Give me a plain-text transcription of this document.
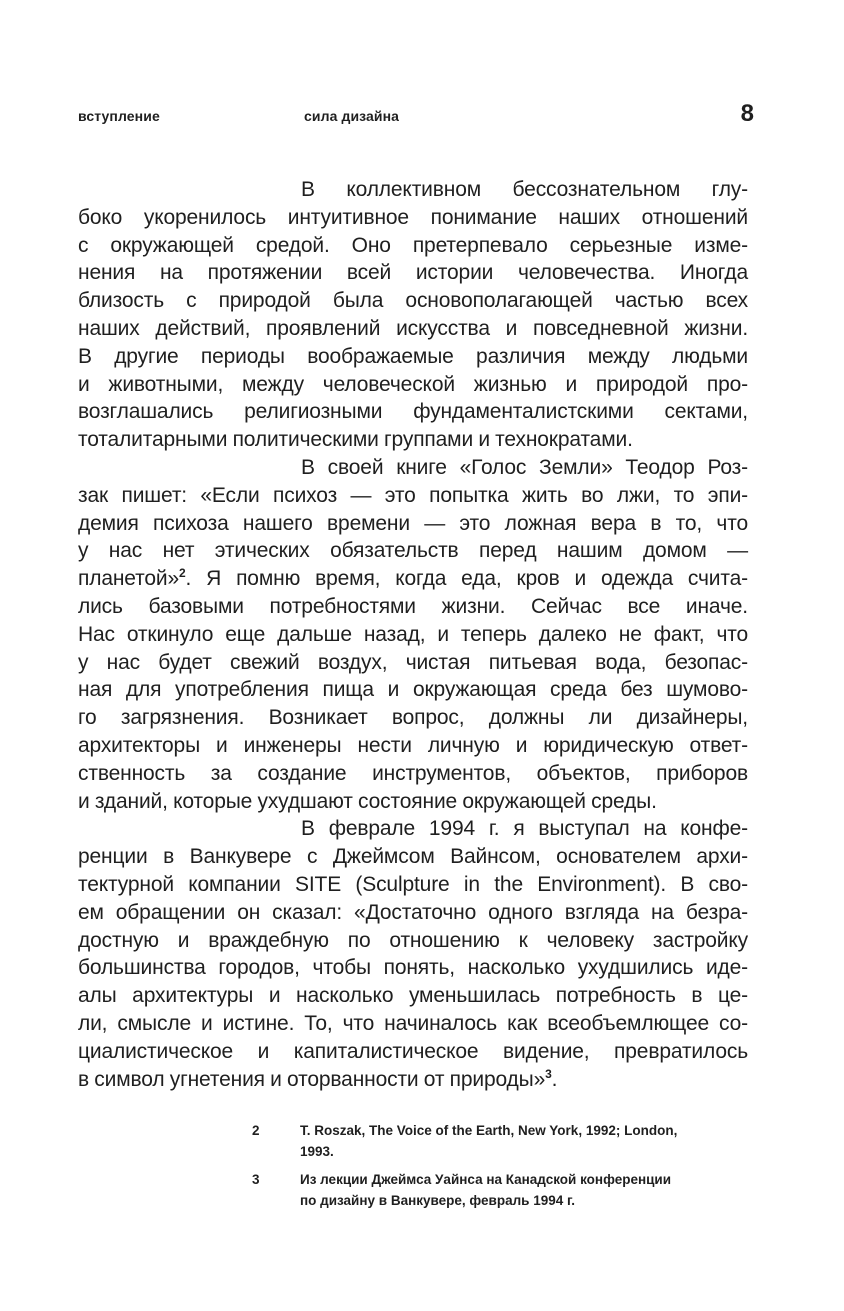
вступление	сила дизайна	8
В коллективном бессознательном глу-
боко укоренилось интуитивное понимание наших отношений
с окружающей средой. Оно претерпевало серьезные изме-
нения на протяжении всей истории человечества. Иногда
близость с природой была основополагающей частью всех
наших действий, проявлений искусства и повседневной жизни.
В другие периоды воображаемые различия между людьми
и животными, между человеческой жизнью и природой про-
возглашались религиозными фундаменталистскими сектами,
тоталитарными политическими группами и технократами.
В своей книге «Голос Земли» Теодор Роз-
зак пишет: «Если психоз — это попытка жить во лжи, то эпи-
демия психоза нашего времени — это ложная вера в то, что
у нас нет этических обязательств перед нашим домом —
планетой»$^2$. Я помню время, когда еда, кров и одежда счита-
лись базовыми потребностями жизни. Сейчас все иначе.
Нас откинуло еще дальше назад, и теперь далеко не факт, что
у нас будет свежий воздух, чистая питьевая вода, безопас-
ная для употребления пища и окружающая среда без шумово-
го загрязнения. Возникает вопрос, должны ли дизайнеры,
архитекторы и инженеры нести личную и юридическую ответ-
ственность за создание инструментов, объектов, приборов
и зданий, которые ухудшают состояние окружающей среды.
В феврале 1994 г. я выступал на конфе-
ренции в Ванкувере с Джеймсом Вайнсом, основателем архи-
тектурной компании SITE (Sculpture in the Environment). В сво-
ем обращении он сказал: «Достаточно одного взгляда на безра-
достную и враждебную по отношению к человеку застройку
большинства городов, чтобы понять, насколько ухудшились иде-
алы архитектуры и насколько уменьшилась потребность в це-
ли, смысле и истине. То, что начиналось как всеобъемлющее со-
циалистическое и капиталистическое видение, превратилось
в символ угнетения и оторванности от природы»$^3$.
2	T. Roszak, The Voice of the Earth, New York, 1992; London,
1993.
3	Из лекции Джеймса Уайнса на Канадской конференции
по дизайну в Ванкувере, февраль 1994 г.
